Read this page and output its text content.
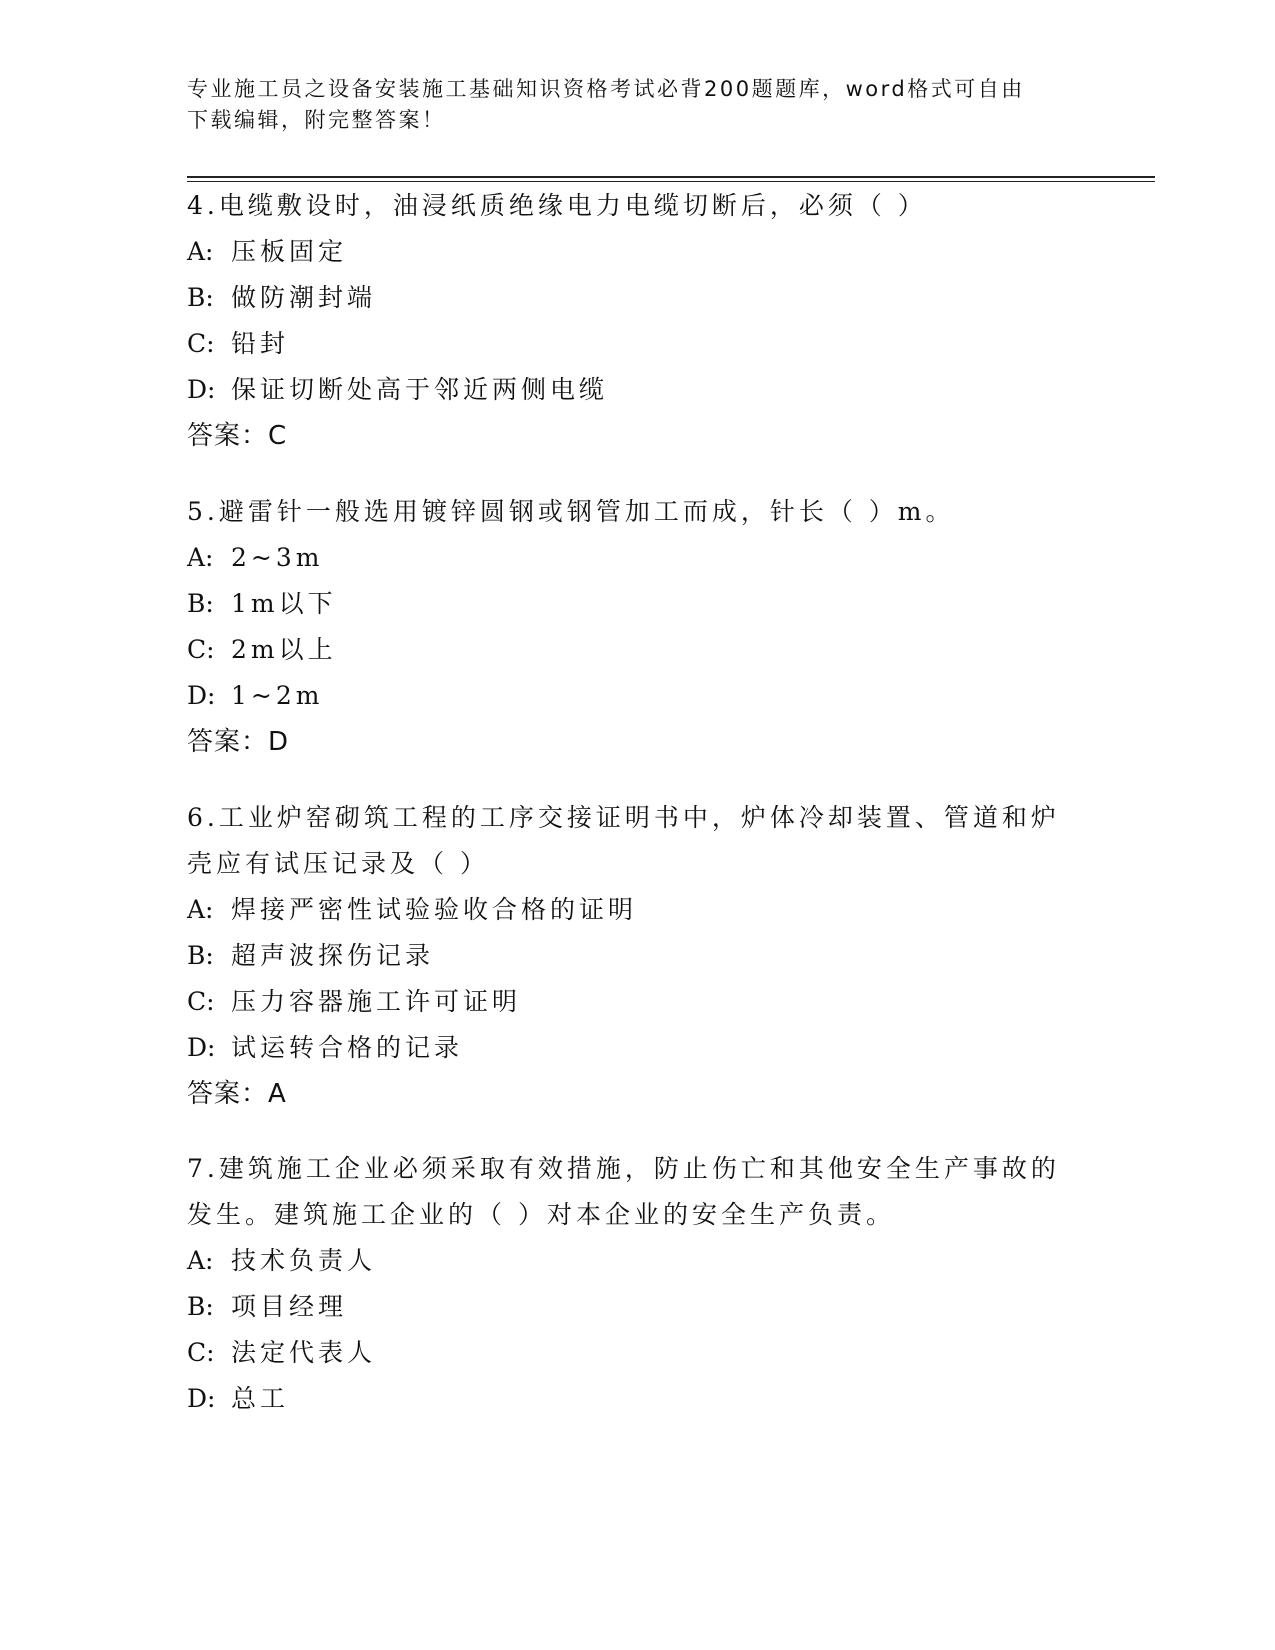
专业施工员之设备安装施工基础知识资格考试必背200题题库，word格式可自由
下载编辑，附完整答案！

4.电缆敷设时，油浸纸质绝缘电力电缆切断后，必须（ ）

A: 压板固定

B: 做防潮封端

C: 铅封

D: 保证切断处高于邻近两侧电缆

答案：C

5.避雷针一般选用镀锌圆钢或钢管加工而成，针长（ ）m。

A: 2~3m

B: 1m以下

C: 2m以上

D: 1~2m

答案：D

6.工业炉窑砌筑工程的工序交接证明书中，炉体冷却装置、管道和炉

壳应有试压记录及（ ）

A: 焊接严密性试验验收合格的证明

B: 超声波探伤记录

C: 压力容器施工许可证明

D: 试运转合格的记录

答案：A

7.建筑施工企业必须采取有效措施，防止伤亡和其他安全生产事故的

发生。建筑施工企业的（ ）对本企业的安全生产负责。

A: 技术负责人

B: 项目经理

C: 法定代表人

D: 总工
